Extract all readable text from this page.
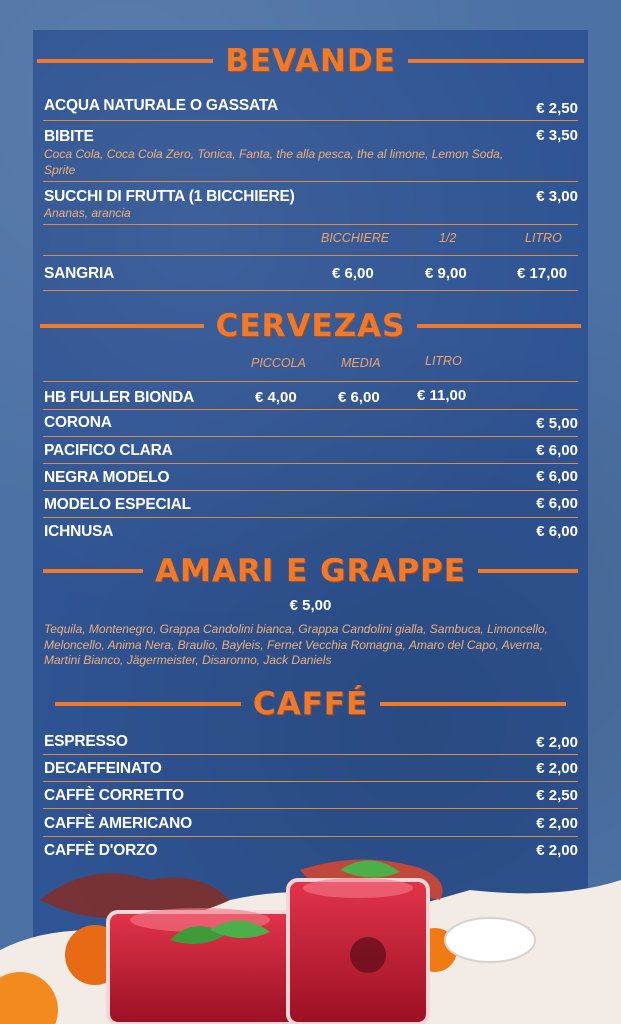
BEVANDE
ACQUA NATURALE O GASSATA	€ 2,50
BIBITE	€ 3,50
Coca Cola, Coca Cola Zero, Tonica, Fanta, the alla pesca, the al limone, Lemon Soda, Sprite
SUCCHI DI FRUTTA (1 BICCHIERE)	€ 3,00
Ananas, arancia
BICCHIERE	1/2	LITRO
SANGRIA	€ 6,00	€ 9,00	€ 17,00
CERVEZAS
PICCOLA	MEDIA	LITRO
HB FULLER BIONDA	€ 4,00	€ 6,00 € 11,00
CORONA	€ 5,00
PACIFICO CLARA	€ 6,00
NEGRA MODELO	€ 6,00
MODELO ESPECIAL	€ 6,00
ICHNUSA	€ 6,00
AMARI E GRAPPE
€ 5,00
Tequila, Montenegro, Grappa Candolini bianca, Grappa Candolini gialla, Sambuca, Limoncello, Meloncello, Anima Nera, Braulio, Bayleis, Fernet Vecchia Romagna, Amaro del Capo, Averna, Martini Bianco, Jägermeister, Disaronno, Jack Daniels
CAFFÉ
ESPRESSO	€ 2,00
DECAFFEINATO	€ 2,00
CAFFÈ CORRETTO	€ 2,50
CAFFÈ AMERICANO	€ 2,00
CAFFÈ D'ORZO	€ 2,00
